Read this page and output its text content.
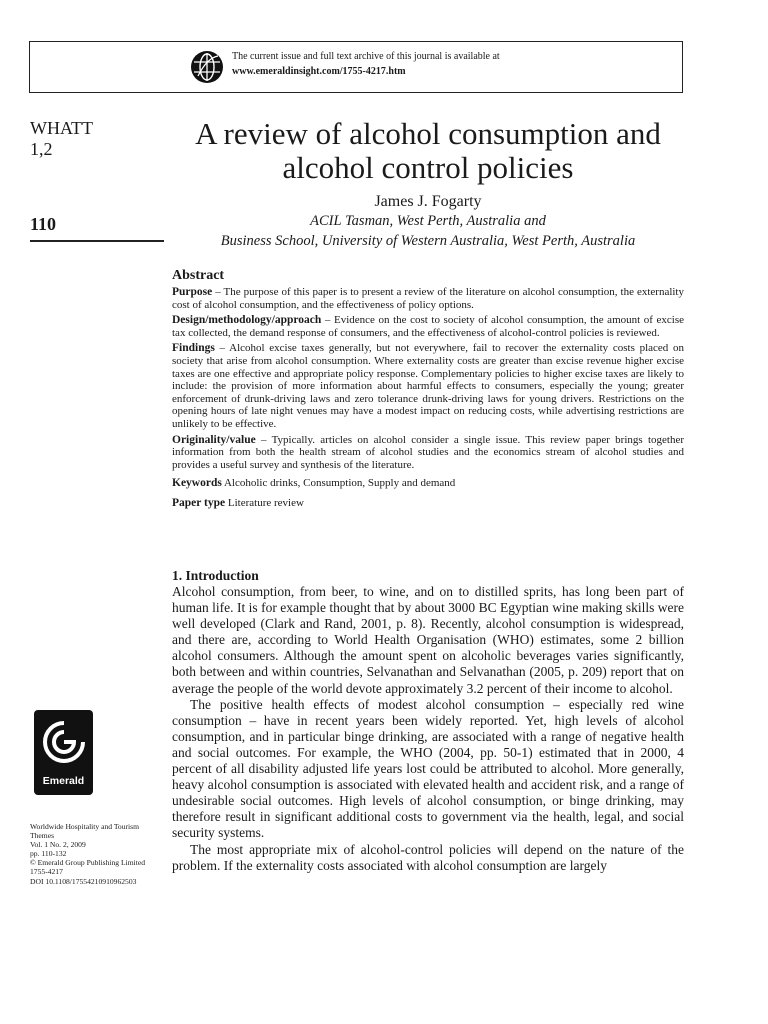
The current issue and full text archive of this journal is available at
www.emeraldinsight.com/1755-4217.htm
WHATT
1,2
110
A review of alcohol consumption and alcohol control policies
James J. Fogarty
ACIL Tasman, West Perth, Australia and
Business School, University of Western Australia, West Perth, Australia
Abstract

Purpose – The purpose of this paper is to present a review of the literature on alcohol consumption, the externality cost of alcohol consumption, and the effectiveness of policy options.

Design/methodology/approach – Evidence on the cost to society of alcohol consumption, the amount of excise tax collected, the demand response of consumers, and the effectiveness of alcohol-control policies is reviewed.

Findings – Alcohol excise taxes generally, but not everywhere, fail to recover the externality costs placed on society that arise from alcohol consumption. Where externality costs are greater than excise revenue higher excise taxes are one effective and appropriate policy response. Complementary policies to higher excise taxes are likely to include: the provision of more information about harmful effects to consumers, especially the young; greater enforcement of drunk-driving laws and zero tolerance drunk-driving laws for young drivers. Restrictions on the opening hours of late night venues may have a modest impact on reducing costs, while advertising restrictions are unlikely to be effective.

Originality/value – Typically. articles on alcohol consider a single issue. This review paper brings together information from both the health stream of alcohol studies and the economics stream of alcohol studies and provides a useful survey and synthesis of the literature.

Keywords Alcoholic drinks, Consumption, Supply and demand

Paper type Literature review

1. Introduction

Alcohol consumption, from beer, to wine, and on to distilled sprits, has long been part of human life. It is for example thought that by about 3000 BC Egyptian wine making skills were well developed (Clark and Rand, 2001, p. 8). Recently, alcohol consumption is widespread, and there are, according to World Health Organisation (WHO) estimates, some 2 billion alcohol consumers. Although the amount spent on alcoholic beverages varies significantly, both between and within countries, Selvanathan and Selvanathan (2005, p. 209) report that on average the people of the world devote approximately 3.2 percent of their income to alcohol.

The positive health effects of modest alcohol consumption – especially red wine consumption – have in recent years been widely reported. Yet, high levels of alcohol consumption, and in particular binge drinking, are associated with a range of negative health and social outcomes. For example, the WHO (2004, pp. 50-1) estimated that in 2000, 4 percent of all disability adjusted life years lost could be attributed to alcohol. More generally, heavy alcohol consumption is associated with elevated health and accident risk, and a range of undesirable social outcomes. High levels of alcohol consumption, or binge drinking, may therefore result in significant additional costs to government via the health, legal, and social security systems.

The most appropriate mix of alcohol-control policies will depend on the nature of the problem. If the externality costs associated with alcohol consumption are largely

Emerald
Worldwide Hospitality and Tourism
Themes
Vol. 1 No. 2, 2009
pp. 110-132
© Emerald Group Publishing Limited
1755-4217
DOI 10.1108/17554210910962503
